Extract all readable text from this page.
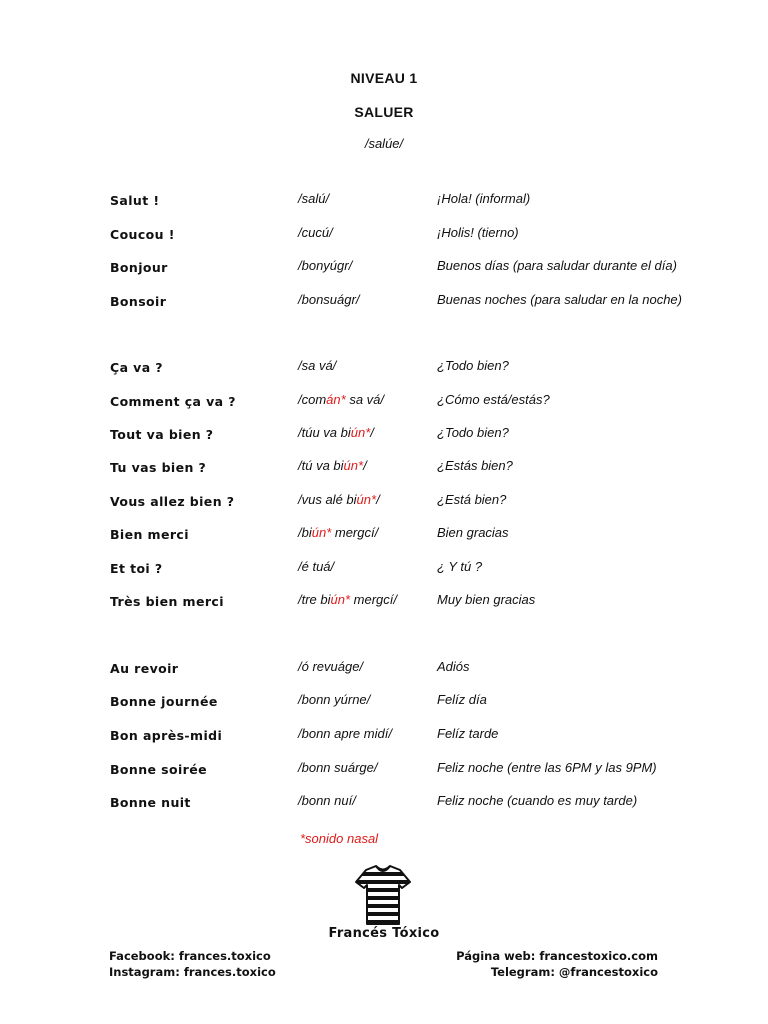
NIVEAU 1
SALUER
/salúe/
Salut !	/salú/	¡Hola! (informal)
Coucou !	/cucú/	¡Holis! (tierno)
Bonjour	/bonyúgr/	Buenos días (para saludar durante el día)
Bonsoir	/bonsuágr/	Buenas noches (para saludar en la noche)
Ça va ?	/sa vá/	¿Todo bien?
Comment ça va ?	/comán* sa vá/	¿Cómo está/estás?
Tout va bien ?	/túu va biún*/	¿Todo bien?
Tu vas bien ?	/tú va biún*/	¿Estás bien?
Vous allez bien ?	/vus alé biún*/	¿Está bien?
Bien merci	/biún* mergcí/	Bien gracias
Et toi ?	/é tuá/	¿ Y tú ?
Très bien merci	/tre biún* mergcí/	Muy bien gracias
Au revoir	/ó revuáge/	Adiós
Bonne journée	/bonn yúrne/	Felíz día
Bon après-midi	/bonn apre midí/	Felíz tarde
Bonne soirée	/bonn suárge/	Feliz noche (entre las 6PM y las 9PM)
Bonne nuit	/bonn nuí/	Feliz noche (cuando es muy tarde)
*sonido nasal
Francés Tóxico
Facebook: frances.toxico
Instagram: frances.toxico
Página web: francestoxico.com
Telegram: @francestoxico
